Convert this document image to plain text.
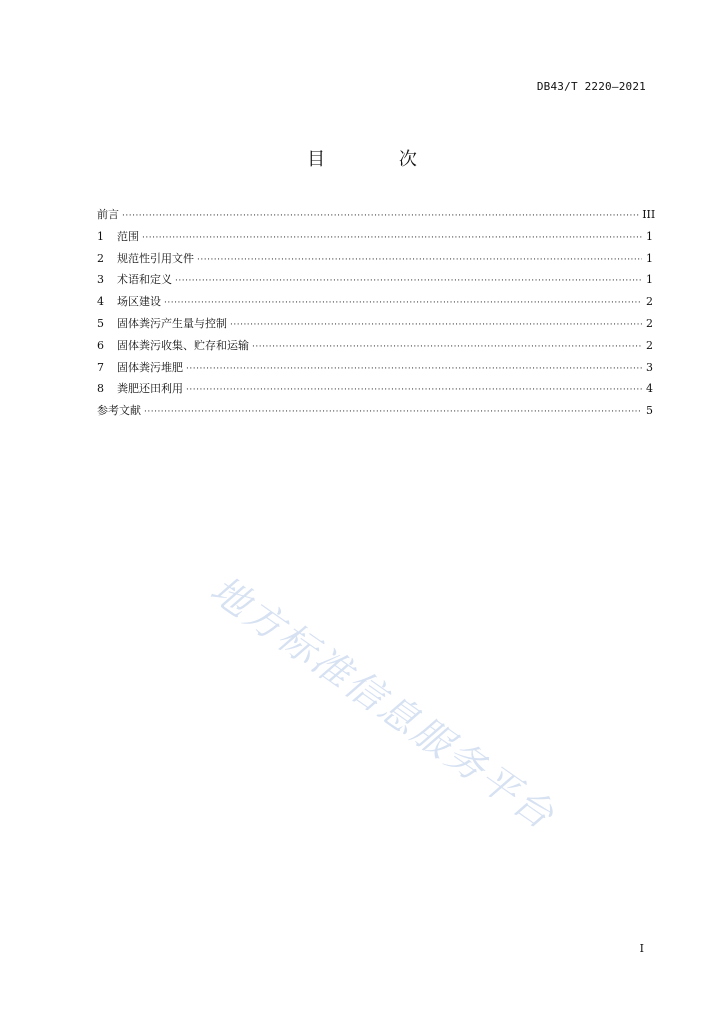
DB43/T 2220—2021
目 次
前言 ·····	III
1	范围 ·····	1
2	规范性引用文件 ·····	1
3	术语和定义 ·····	1
4	场区建设 ·····	2
5	固体粪污产生量与控制 ·····	2
6	固体粪污收集、贮存和运输 ·····	2
7	固体粪污堆肥 ·····	3
8	粪肥还田利用 ·····	4
参考文献 ·····	5
地方标准信息服务平台
I
